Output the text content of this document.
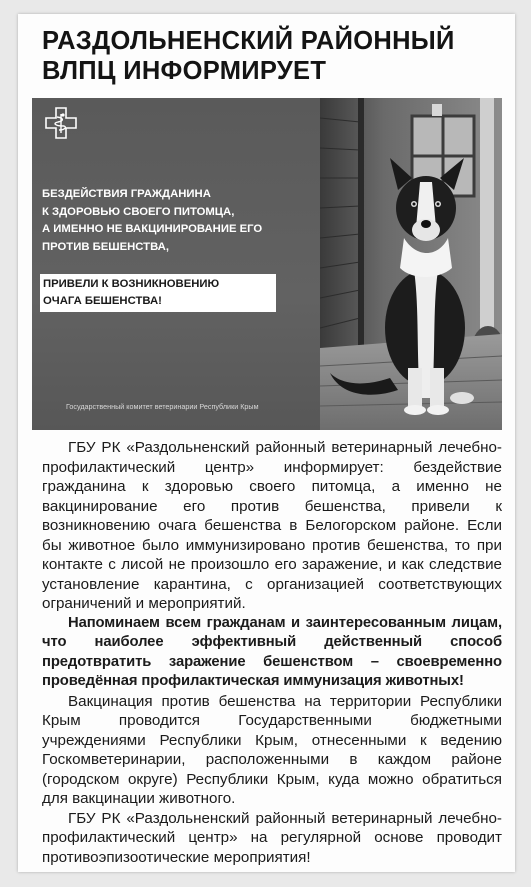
РАЗДОЛЬНЕНСКИЙ РАЙОННЫЙ
ВЛПЦ ИНФОРМИРУЕТ
БЕЗДЕЙСТВИЯ ГРАЖДАНИНА
К ЗДОРОВЬЮ СВОЕГО ПИТОМЦА,
А ИМЕННО НЕ ВАКЦИНИРОВАНИЕ ЕГО
ПРОТИВ БЕШЕНСТВА,
ПРИВЕЛИ К ВОЗНИКНОВЕНИЮ
ОЧАГА БЕШЕНСТВА!
Государственный комитет ветеринарии Республики Крым

ГБУ РК «Раздольненский районный ветеринарный лечебно-профилактический центр» информирует: бездействие гражданина к здоровью своего питомца, а именно не вакцинирование его против бешенства, привели к возникновению очага бешенства в Белогорском районе. Если бы животное было иммунизировано против бешенства, то при контакте с лисой не произошло его заражение, и как следствие установление карантина, с организацией соответствующих ограничений и мероприятий.

Напоминаем всем гражданам и заинтересованным лицам, что наиболее эффективный действенный способ предотвратить заражение бешенством – своевременно проведённая профилактическая иммунизация животных!

Вакцинация против бешенства на территории Республики Крым проводится Государственными бюджетными учреждениями Республики Крым, отнесенными к ведению Госкомветеринарии, расположенными в каждом районе (городском округе) Республики Крым, куда можно обратиться для вакцинации животного.

ГБУ РК «Раздольненский районный ветеринарный лечебно-профилактический центр» на регулярной основе проводит противоэпизоотические мероприятия!
